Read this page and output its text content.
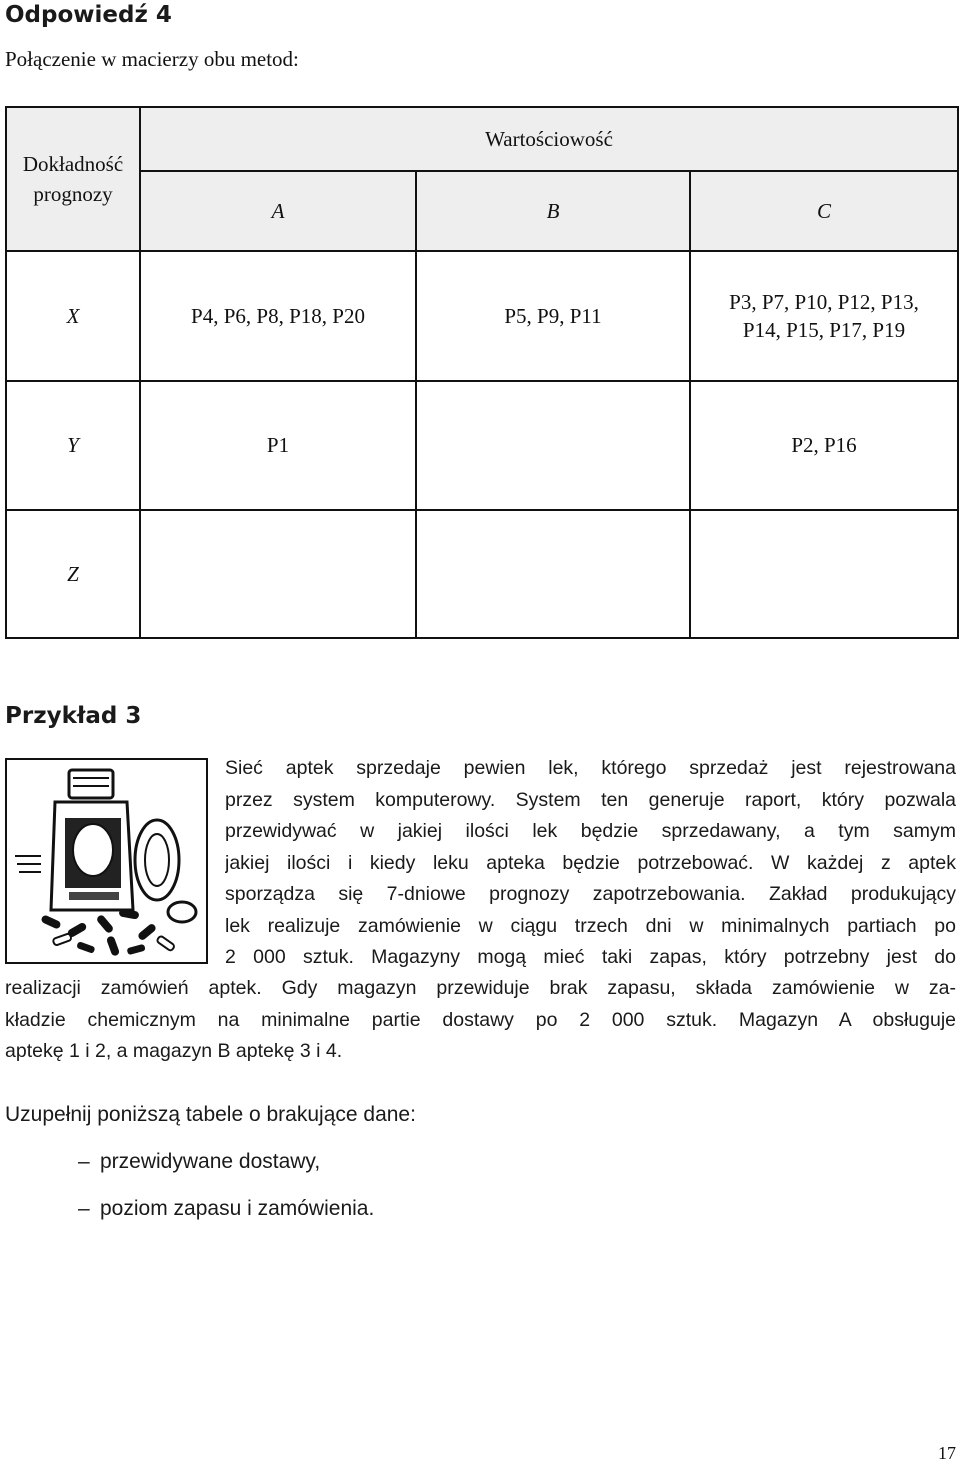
Odpowiedź 4
Połączenie w macierzy obu metod:
Dokładność
prognozy	Wartościowość		
	A	B	C
X	P4, P6, P8, P18, P20	P5, P9, P11	P3, P7, P10, P12, P13,
P14, P15, P17, P19
Y	P1		P2, P16
Z			
Przykład 3
Sieć aptek sprzedaje pewien lek, którego sprzedaż jest rejestrowana
przez system komputerowy. System ten generuje raport, który pozwala
przewidywać w jakiej ilości lek będzie sprzedawany, a tym samym
jakiej ilości i kiedy leku apteka będzie potrzebować. W każdej z aptek
sporządza się 7-dniowe prognozy zapotrzebowania. Zakład produkujący
lek realizuje zamówienie w ciągu trzech dni w minimalnych partiach po
2 000 sztuk. Magazyny mogą mieć taki zapas, który potrzebny jest do
realizacji zamówień aptek. Gdy magazyn przewiduje brak zapasu, składa zamówienie w za-
kładzie chemicznym na minimalne partie dostawy po 2 000 sztuk. Magazyn A obsługuje
aptekę 1 i 2, a magazyn B aptekę 3 i 4.
Uzupełnij poniższą tabele o brakujące dane:
– przewidywane dostawy,
– poziom zapasu i zamówienia.
17
